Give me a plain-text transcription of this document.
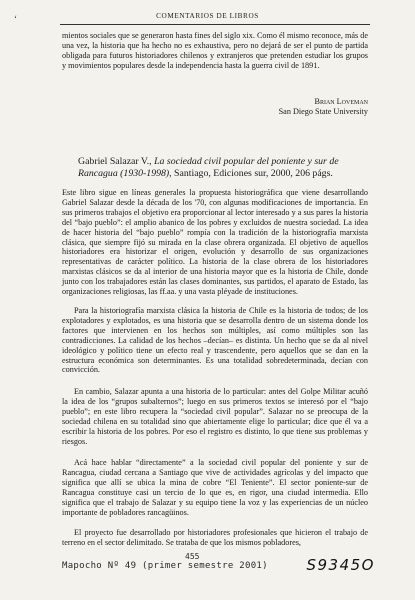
‘	COMENTARIOS DE LIBROS

mientos sociales que se generaron hasta fines del siglo xix. Como él mismo reconoce, más de una vez, la historia que ha hecho no es exhaustiva, pero no dejará de ser el punto de partida obligada para futuros historiadores chilenos y extranjeros que pretenden estudiar los grupos y movimientos populares desde la independencia hasta la guerra civil de 1891.

Brian Loveman
San Diego State University

Gabriel Salazar V., La sociedad civil popular del poniente y sur de Rancagua (1930-1998), Santiago, Ediciones sur, 2000, 206 págs.

Este libro sigue en líneas generales la propuesta historiográfica que viene desarrollando Gabriel Salazar desde la década de los '70, con algunas modificaciones de importancia. En sus primeros trabajos el objetivo era proporcionar al lector interesado y a sus pares la historia del “bajo pueblo”: el amplio abanico de los pobres y excluidos de nuestra sociedad. La idea de hacer historia del “bajo pueblo” rompía con la tradición de la historiografía marxista clásica, que siempre fijó su mirada en la clase obrera organizada. El objetivo de aquellos historiadores era historizar el origen, evolución y desarrollo de sus organizaciones representativas de carácter político. La historia de la clase obrera de los historiadores marxistas clásicos se da al interior de una historia mayor que es la historia de Chile, donde junto con los trabajadores están las clases dominantes, sus partidos, el aparato de Estado, las organizaciones religiosas, las ff.aa. y una vasta pléyade de instituciones.

Para la historiografía marxista clásica la historia de Chile es la historia de todos; de los explotadores y explotados, es una historia que se desarrolla dentro de un sistema donde los factores que intervienen en los hechos son múltiples, así como múltiples son las contradicciones. La calidad de los hechos –decían– es distinta. Un hecho que se da al nivel ideológico y político tiene un efecto real y trascendente, pero aquellos que se dan en la estructura económica son determinantes. Es una totalidad sobredeterminada, decían con convicción.

En cambio, Salazar apunta a una historia de lo particular: antes del Golpe Militar acuñó la idea de los “grupos subalternos”; luego en sus primeros textos se interesó por el “bajo pueblo”; en este libro recupera la “sociedad civil popular”. Salazar no se preocupa de la sociedad chilena en su totalidad sino que abiertamente elige lo particular; dice que él va a escribir la historia de los pobres. Por eso el registro es distinto, lo que tiene sus problemas y riesgos.

Acá hace hablar “directamente” a la sociedad civil popular del poniente y sur de Rancagua, ciudad cercana a Santiago que vive de actividades agrícolas y del impacto que significa que allí se ubica la mina de cobre “El Teniente”. El sector poniente-sur de Rancagua constituye casi un tercio de lo que es, en rigor, una ciudad intermedia. Ello significa que el trabajo de Salazar y su equipo tiene la voz y las experiencias de un núcleo importante de pobladores rancagüinos.

El proyecto fue desarrollado por historiadores profesionales que hicieron el trabajo de terreno en el sector delimitado. Se trataba de que los mismos pobladores,

455
Mapocho Nº 49 (primer semestre 2001)	S9345O
